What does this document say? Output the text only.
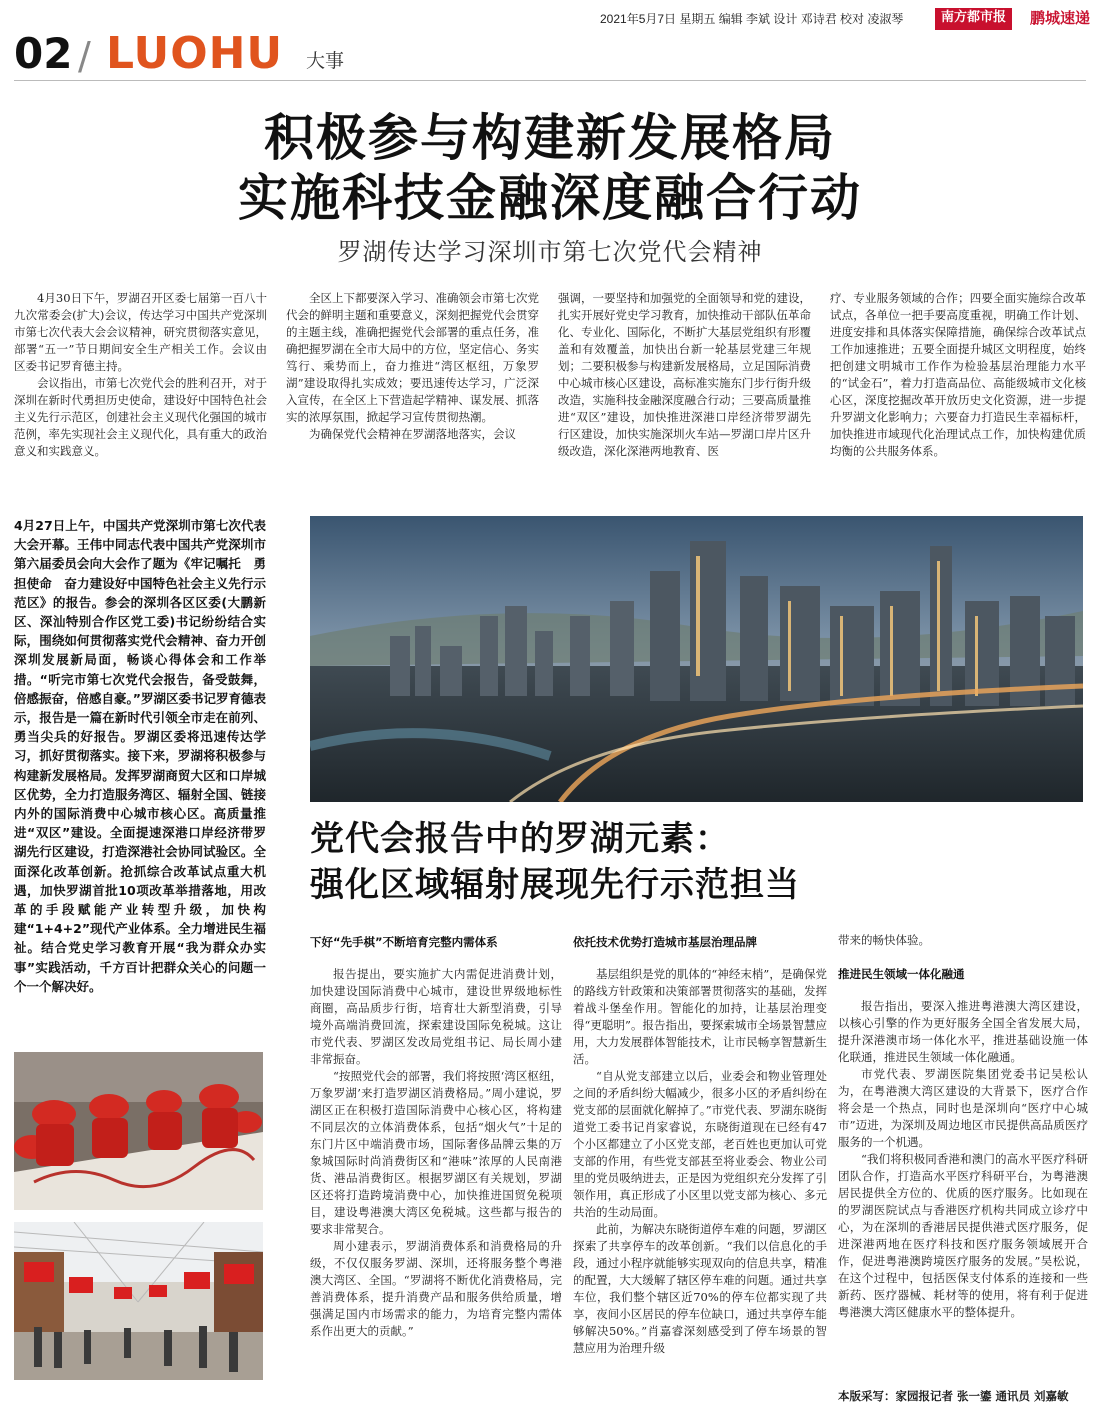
2021年5月7日 星期五 编辑 李斌 设计 邓诗君 校对 凌淑琴	南方都市报	鹏城速递
02 / LUOHU 大事
积极参与构建新发展格局
实施科技金融深度融合行动
罗湖传达学习深圳市第七次党代会精神

4月30日下午，罗湖召开区委七届第一百八十九次常委会(扩大)会议，传达学习中国共产党深圳市第七次代表大会会议精神，研究贯彻落实意见，部署“五一”节日期间安全生产相关工作。会议由区委书记罗育德主持。

会议指出，市第七次党代会的胜利召开，对于深圳在新时代勇担历史使命，建设好中国特色社会主义先行示范区，创建社会主义现代化强国的城市范例，率先实现社会主义现代化，具有重大的政治意义和实践意义。

全区上下都要深入学习、准确领会市第七次党代会的鲜明主题和重要意义，深刻把握党代会贯穿的主题主线，准确把握党代会部署的重点任务，准确把握罗湖在全市大局中的方位，坚定信心、务实笃行、乘势而上，奋力推进“湾区枢纽，万象罗湖”建设取得扎实成效；要迅速传达学习，广泛深入宣传，在全区上下营造起学精神、谋发展、抓落实的浓厚氛围，掀起学习宣传贯彻热潮。

为确保党代会精神在罗湖落地落实，会议

强调，一要坚持和加强党的全面领导和党的建设，扎实开展好党史学习教育，加快推动干部队伍革命化、专业化、国际化，不断扩大基层党组织有形覆盖和有效覆盖，加快出台新一轮基层党建三年规划；二要积极参与构建新发展格局，立足国际消费中心城市核心区建设，高标准实施东门步行街升级改造，实施科技金融深度融合行动；三要高质量推进“双区”建设，加快推进深港口岸经济带罗湖先行区建设，加快实施深圳火车站—罗湖口岸片区升级改造，深化深港两地教育、医

疗、专业服务领域的合作；四要全面实施综合改革试点，各单位一把手要高度重视，明确工作计划、进度安排和具体落实保障措施，确保综合改革试点工作加速推进；五要全面提升城区文明程度，始终把创建文明城市工作作为检验基层治理能力水平的“试金石”，着力打造高品位、高能级城市文化核心区，深度挖掘改革开放历史文化资源，进一步提升罗湖文化影响力；六要奋力打造民生幸福标杆，加快推进市域现代化治理试点工作，加快构建优质均衡的公共服务体系。

4月27日上午，中国共产党深圳市第七次代表大会开幕。王伟中同志代表中国共产党深圳市第六届委员会向大会作了题为《牢记嘱托　勇担使命　奋力建设好中国特色社会主义先行示范区》的报告。参会的深圳各区区委(大鹏新区、深汕特别合作区党工委)书记纷纷结合实际，围绕如何贯彻落实党代会精神、奋力开创深圳发展新局面，畅谈心得体会和工作举措。“听完市第七次党代会报告，备受鼓舞，倍感振奋，倍感自豪。”罗湖区委书记罗育德表示，报告是一篇在新时代引领全市走在前列、勇当尖兵的好报告。罗湖区委将迅速传达学习，抓好贯彻落实。接下来，罗湖将积极参与构建新发展格局。发挥罗湖商贸大区和口岸城区优势，全力打造服务湾区、辐射全国、链接内外的国际消费中心城市核心区。高质量推进“双区”建设。全面提速深港口岸经济带罗湖先行区建设，打造深港社会协同试验区。全面深化改革创新。抢抓综合改革试点重大机遇，加快罗湖首批10项改革举措落地，用改革的手段赋能产业转型升级，加快构建“1+4+2”现代产业体系。全力增进民生福祉。结合党史学习教育开展“我为群众办实事”实践活动，千方百计把群众关心的问题一个一个解决好。
党代会报告中的罗湖元素：
强化区域辐射展现先行示范担当
下好“先手棋”不断培育完整内需体系

报告提出，要实施扩大内需促进消费计划，加快建设国际消费中心城市，建设世界级地标性商圈，高品质步行街，培育壮大新型消费，引导境外高端消费回流，探索建设国际免税城。这让市党代表、罗湖区发改局党组书记、局长周小建非常振奋。

“按照党代会的部署，我们将按照‘湾区枢纽，万象罗湖’来打造罗湖区消费格局。”周小建说，罗湖区正在积极打造国际消费中心核心区，将构建不同层次的立体消费体系，包括“烟火气”十足的东门片区中端消费市场，国际奢侈品牌云集的万象城国际时尚消费街区和“港味”浓厚的人民南港货、港品消费街区。根据罗湖区有关规划，罗湖区还将打造跨境消费中心，加快推进国贸免税项目，建设粤港澳大湾区免税城。这些都与报告的要求非常契合。

周小建表示，罗湖消费体系和消费格局的升级，不仅仅服务罗湖、深圳，还将服务整个粤港澳大湾区、全国。“罗湖将不断优化消费格局，完善消费体系，提升消费产品和服务供给质量，增强满足国内市场需求的能力，为培育完整内需体系作出更大的贡献。”

依托技术优势打造城市基层治理品牌

基层组织是党的肌体的“神经末梢”，是确保党的路线方针政策和决策部署贯彻落实的基础，发挥着战斗堡垒作用。智能化的加持，让基层治理变得“更聪明”。报告指出，要探索城市全场景智慧应用，大力发展群体智能技术，让市民畅享智慧新生活。

“自从党支部建立以后，业委会和物业管理处之间的矛盾纠纷大幅减少，很多小区的矛盾纠纷在党支部的层面就化解掉了。”市党代表、罗湖东晓街道党工委书记肖家睿说，东晓街道现在已经有47个小区都建立了小区党支部，老百姓也更加认可党支部的作用，有些党支部甚至将业委会、物业公司里的党员吸纳进去，正是因为党组织充分发挥了引领作用，真正形成了小区里以党支部为核心、多元共治的生动局面。

此前，为解决东晓街道停车难的问题，罗湖区探索了共享停车的改革创新。“我们以信息化的手段，通过小程序就能够实现双向的信息共享，精准的配置，大大缓解了辖区停车难的问题。通过共享车位，我们整个辖区近70%的停车位都实现了共享，夜间小区居民的停车位缺口，通过共享停车能够解决50%。”肖嘉睿深刻感受到了停车场景的智慧应用为治理升级

带来的畅快体验。

推进民生领域一体化融通

报告指出，要深入推进粤港澳大湾区建设，以核心引擎的作为更好服务全国全省发展大局，提升深港澳市场一体化水平，推进基础设施一体化联通，推进民生领域一体化融通。

市党代表、罗湖医院集团党委书记吴松认为，在粤港澳大湾区建设的大背景下，医疗合作将会是一个热点，同时也是深圳向“医疗中心城市”迈进，为深圳及周边地区市民提供高品质医疗服务的一个机遇。

“我们将积极同香港和澳门的高水平医疗科研团队合作，打造高水平医疗科研平台，为粤港澳居民提供全方位的、优质的医疗服务。比如现在的罗湖医院试点与香港医疗机构共同成立诊疗中心，为在深圳的香港居民提供港式医疗服务，促进深港两地在医疗科技和医疗服务领域展开合作，促进粤港澳跨境医疗服务的发展。”吴松说，在这个过程中，包括医保支付体系的连接和一些新药、医疗器械、耗材等的使用，将有利于促进粤港澳大湾区健康水平的整体提升。

本版采写：家园报记者 张一鎏 通讯员 刘嘉敏
